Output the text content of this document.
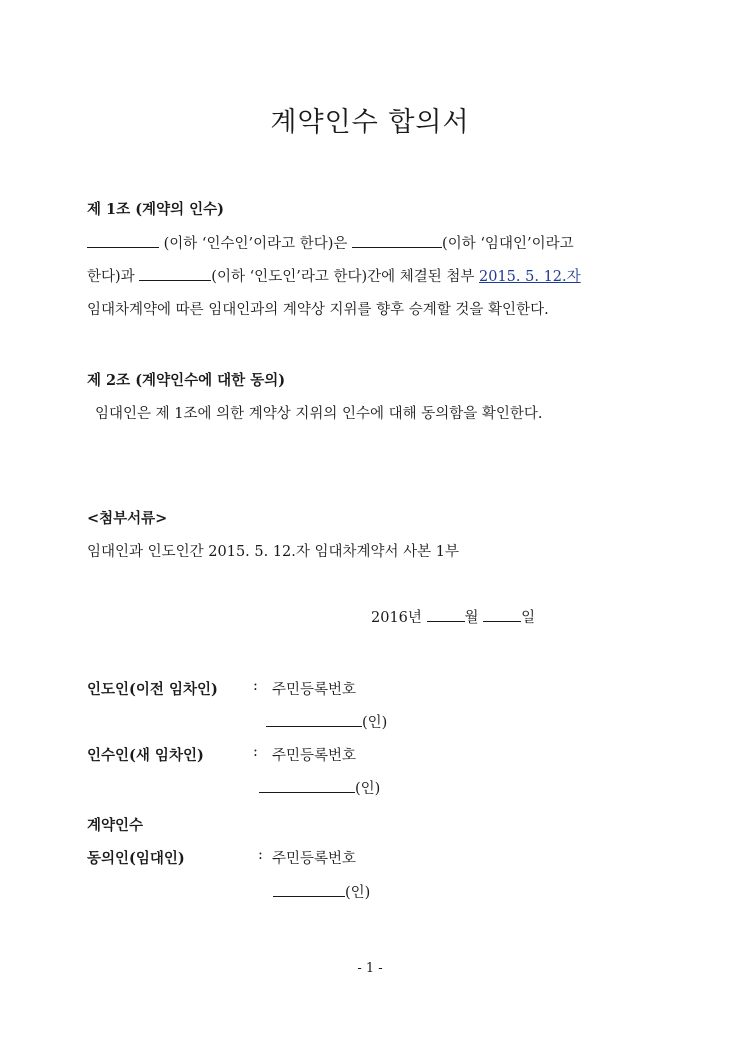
계약인수 합의서
제 1조 (계약의 인수)
(이하 ‘인수인’이라고 한다)은	(이하 ‘임대인’이라고
한다)과	(이하 ‘인도인’라고 한다)간에 체결된 첨부 2015. 5. 12.자
임대차계약에 따른 임대인과의 계약상 지위를 향후 승계할 것을 확인한다.
제 2조 (계약인수에 대한 동의)
임대인은 제 1조에 의한 계약상 지위의 인수에 대해 동의함을 확인한다.
<첨부서류>
임대인과 인도인간 2015. 5. 12.자 임대차계약서 사본 1부
2016년	월	일
인도인(이전 임차인) : 주민등록번호
(인)
인수인(새 임차인)	: 주민등록번호
(인)
계약인수
동의인(임대인)	: 주민등록번호
(인)
- 1 -
